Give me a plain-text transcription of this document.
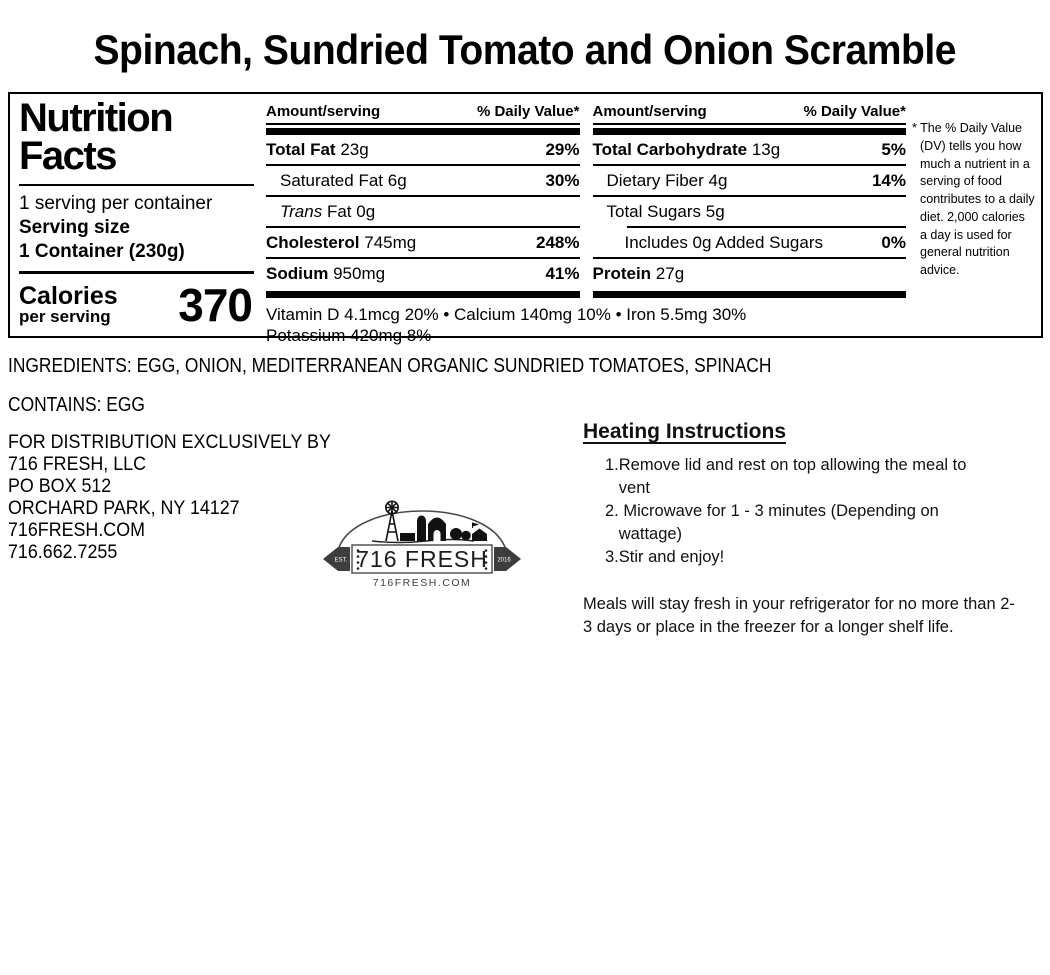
Spinach, Sundried Tomato and Onion Scramble
Nutrition
Facts
1 serving per container
Serving size
1 Container (230g)
Calories
per serving 370
Amount/serving	% Daily Value*
Total Fat 23g	29%
Saturated Fat 6g	30%
Trans Fat 0g
Cholesterol 745mg	248%
Sodium 950mg	41%
Amount/serving	% Daily Value*
Total Carbohydrate 13g	5%
Dietary Fiber 4g	14%
Total Sugars 5g
Includes 0g Added Sugars	0%
Protein 27g
Vitamin D 4.1mcg 20% • Calcium 140mg 10% • Iron 5.5mg 30%
Potassium 420mg 8%
* The % Daily Value (DV) tells you how much a nutrient in a serving of food contributes to a daily diet. 2,000 calories a day is used for general nutrition advice.
INGREDIENTS: EGG, ONION, MEDITERRANEAN ORGANIC SUNDRIED TOMATOES, SPINACH
CONTAINS: EGG
FOR DISTRIBUTION EXCLUSIVELY BY
716 FRESH, LLC
PO BOX 512
ORCHARD PARK, NY 14127
716FRESH.COM
716.662.7255	EST.	2016
716 FRESH
716FRESH.COM
Heating Instructions
1. Remove lid and rest on top allowing the meal to vent
2. Microwave for 1 - 3 minutes (Depending on wattage)
3. Stir and enjoy!
Meals will stay fresh in your refrigerator for no more than 2-3 days or place in the freezer for a longer shelf life.
